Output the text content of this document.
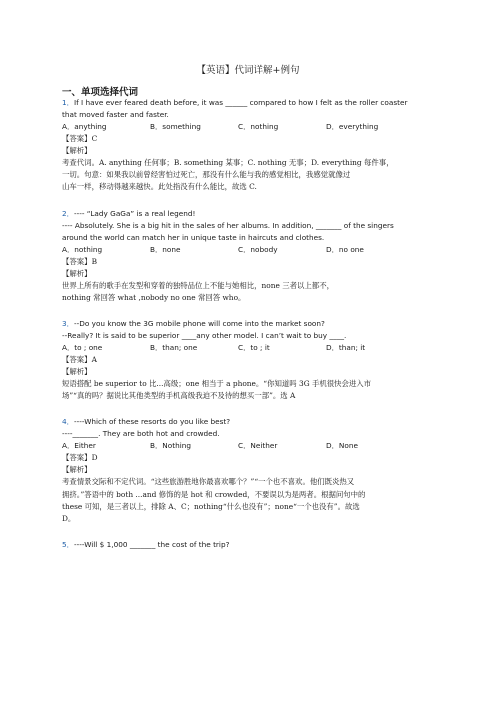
【英语】代词详解+例句
一、单项选择代词
1．If I have ever feared death before, it was ______ compared to how I felt as the roller coaster
that moved faster and faster.
A．anything	B．something	C．nothing	D．everything
【答案】C
【解析】
考查代词。A. anything 任何事；B. something 某事；C. nothing 无事；D. everything 每件事，
一切。句意：如果我以前曾经害怕过死亡，那没有什么能与我的感觉相比，我感觉就像过
山车一样，移动得越来越快。此处指没有什么能比，故选 C.
2．---- “Lady GaGa” is a real legend!
---- Absolutely. She is a big hit in the sales of her albums. In addition, _______ of the singers
around the world can match her in unique taste in haircuts and clothes.
A．nothing	B．none	C．nobody	D．no one
【答案】B
【解析】
世界上所有的歌手在发型和穿着的独特品位上不能与她相比，none 三者以上都不，
nothing 常回答 what ,nobody no one 常回答 who。
3．--Do you know the 3G mobile phone will come into the market soon?
--Really? It is said to be superior ____any other model. I can’t wait to buy ____.
A．to ; one	B．than; one	C．to ; it	D．than; it
【答案】A
【解析】
短语搭配 be superior to 比...高级；one 相当于 a phone。“你知道吗 3G 手机很快会进入市
场”“真的吗？据说比其他类型的手机高级我迫不及待的想买一部”。选 A
4．----Which of these resorts do you like best?
----_______. They are both hot and crowded.
A．Either	B．Nothing	C．Neither	D．None
【答案】D
【解析】
考查情景交际和不定代词。“这些旅游胜地你最喜欢哪个？”“一个也不喜欢。他们既炎热又
拥挤。”答语中的 both ...and 修饰的是 hot 和 crowded，不要误以为是两者。根据问句中的
these 可知，是三者以上，排除 A、C；nothing“什么也没有”；none“一个也没有”。故选
D。
5．----Will $ 1,000 _______ the cost of the trip?
